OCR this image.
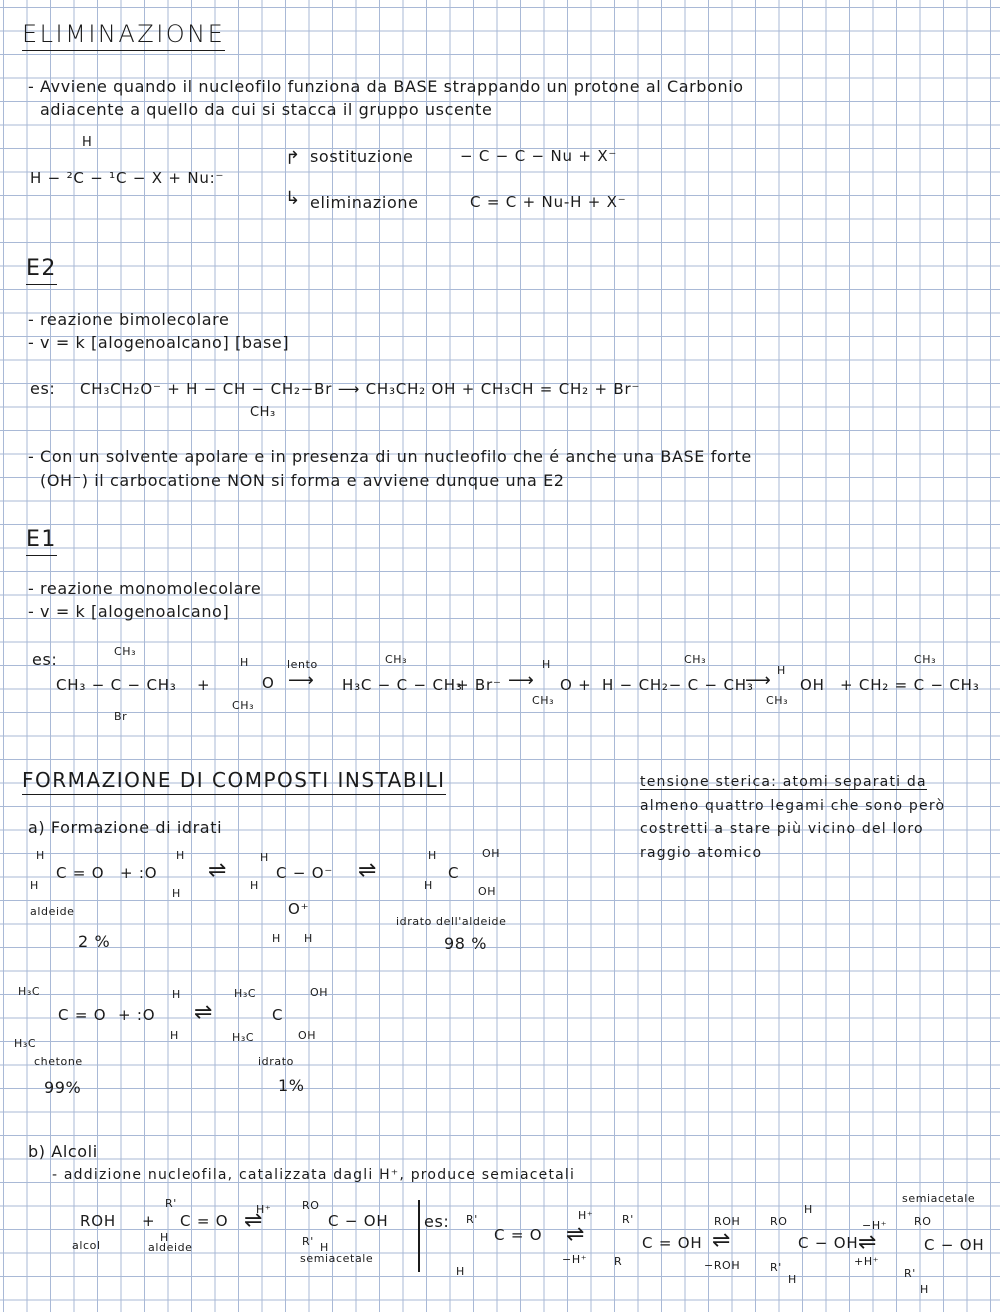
ELIMINAZIONE
- Avviene quando il nucleofilo funziona da BASE strappando un protone al Carbonio
adiacente a quello da cui si stacca il gruppo uscente
H
H − ²C − ¹C − X + Nu:⁻
↱
↳
sostituzione	− C − C − Nu + X⁻
eliminazione	C = C + Nu-H + X⁻
E2
- reazione bimolecolare
- v = k [alogenoalcano] [base]
es: CH₃CH₂O⁻ + H − CH − CH₂−Br ⟶ CH₃CH₂ OH + CH₃CH = CH₂ + Br⁻
CH₃
- Con un solvente apolare e in presenza di un nucleofilo che é anche una BASE forte
(OH⁻) il carbocatione NON si forma e avviene dunque una E2
E1
- reazione monomolecolare
- v = k [alogenoalcano]
es:	CH₃
CH₃ − C − CH₃
Br
+
H
O
CH₃
lento
⟶
CH₃
H₃C − C − CH₃
+ Br⁻ ⟶
H
O +
CH₃
H − CH₂− C − CH₃
CH₃
⟶ H
OH
CH₃
CH₃
+ CH₂ = C − CH₃
FORMAZIONE DI COMPOSTI INSTABILI	tensione sterica: atomi separati da
almeno quattro legami che sono però
costretti a stare più vicino del loro
raggio atomico
a) Formazione di idrati
H
H
C = O + :O
H
H
⇌
H
H
C − O⁻
O⁺
H H
⇌
H
H
C
OH
OH
aldeide
2 %
idrato dell'aldeide
98 %
H₃C
H₃C
C = O + :O
H
H
⇌
H₃C
H₃C
C
OH
OH
chetone
99%
idrato
1%
b) Alcoli
- addizione nucleofila, catalizzata dagli H⁺, produce semiacetali
ROH +
R'
C = O
H
H⁺
⇌
RO
C − OH
R' H
alcol	aldeide
semiacetale
es: R'
C = O
H
H⁺
⇌
−H⁺
R'
C = OH
R
ROH
⇌
−ROH
RO
H
C − OH
R'
H
−H⁺
⇌
+H⁺
semiacetale
RO
C − OH
R'
H
